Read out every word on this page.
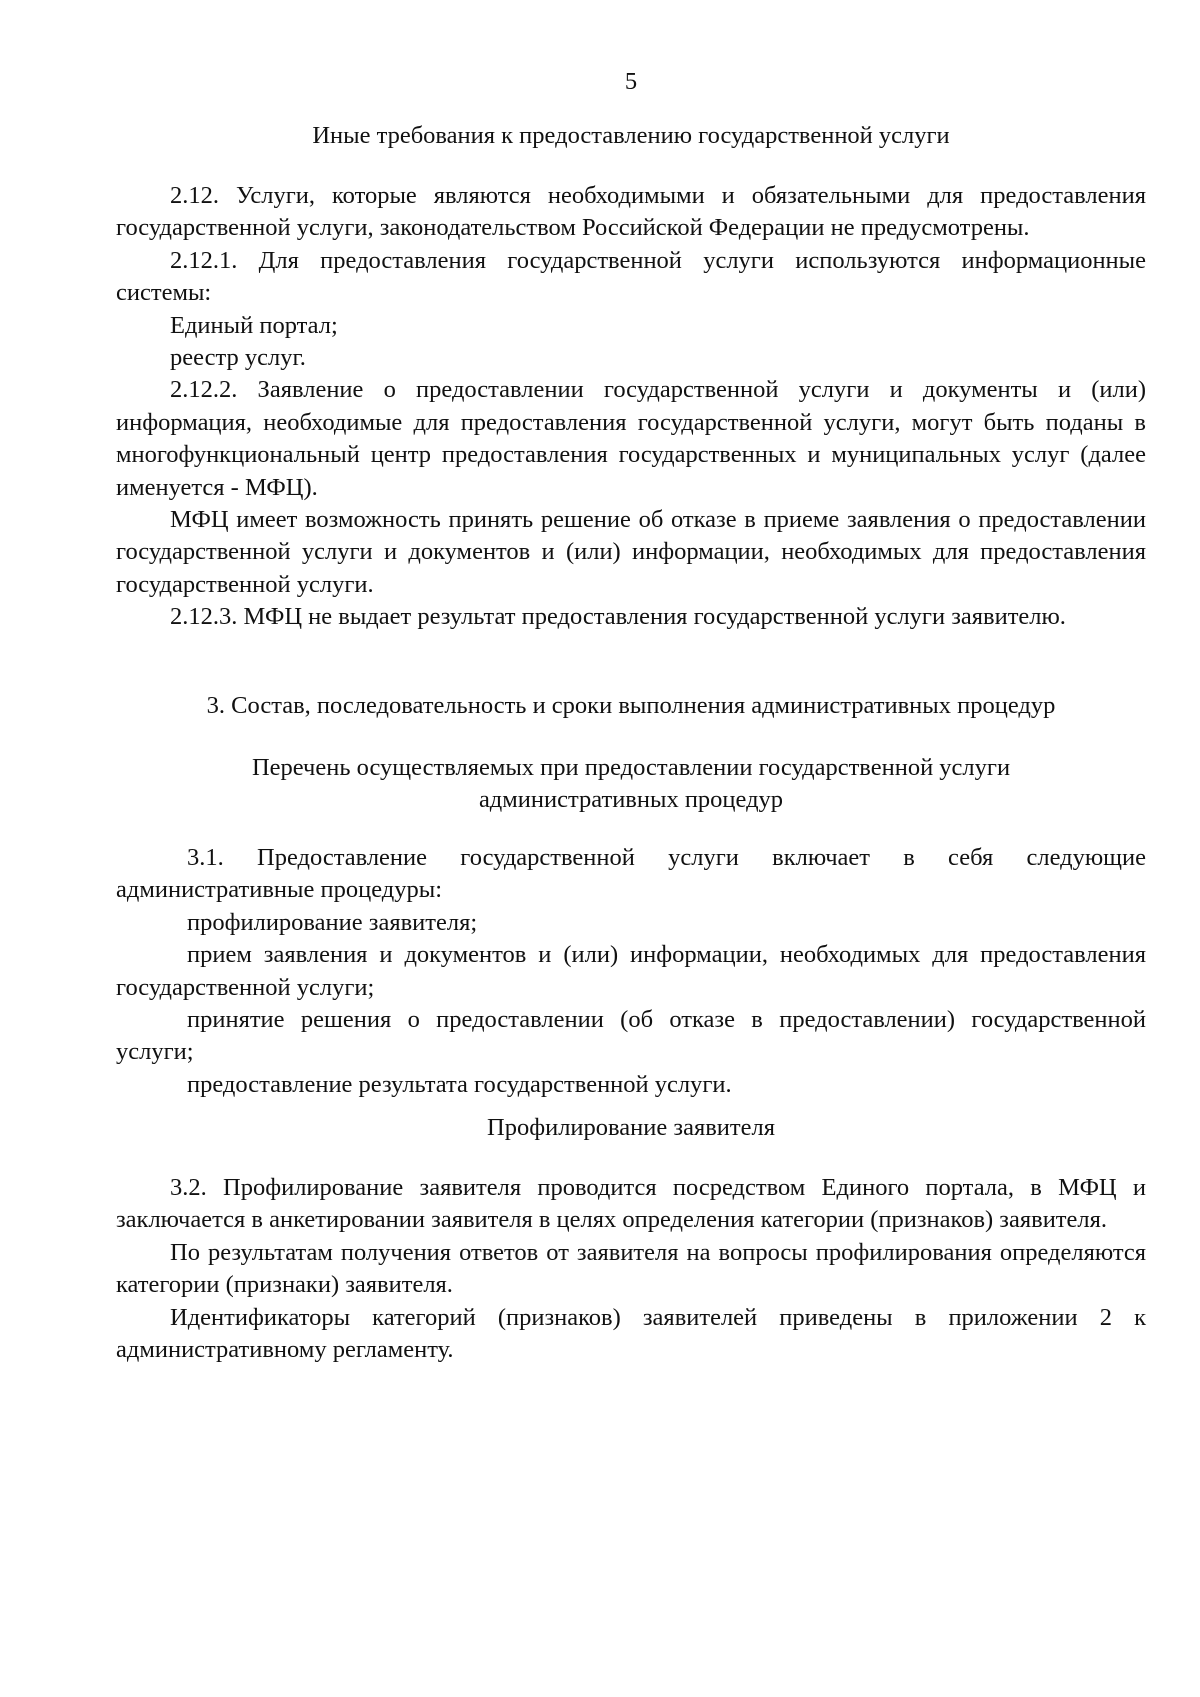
5
Иные требования к предоставлению государственной услуги

2.12. Услуги, которые являются необходимыми и обязательными для предоставления государственной услуги, законодательством Российской Федерации не предусмотрены.

2.12.1. Для предоставления государственной услуги используются информационные системы:

Единый портал;

реестр услуг.

2.12.2. Заявление о предоставлении государственной услуги и документы и (или) информация, необходимые для предоставления государственной услуги, могут быть поданы в многофункциональный центр предоставления государственных и муниципальных услуг (далее именуется - МФЦ).

МФЦ имеет возможность принять решение об отказе в приеме заявления о предоставлении государственной услуги и документов и (или) информации, необходимых для предоставления государственной услуги.

2.12.3. МФЦ не выдает результат предоставления государственной услуги заявителю.

3. Состав, последовательность и сроки выполнения административных процедур
Перечень осуществляемых при предоставлении государственной услуги
административных процедур

3.1. Предоставление государственной услуги включает в себя следующие административные процедуры:

профилирование заявителя;

прием заявления и документов и (или) информации, необходимых для предоставления государственной услуги;

принятие решения о предоставлении (об отказе в предоставлении) государственной услуги;

предоставление результата государственной услуги.

Профилирование заявителя

3.2. Профилирование заявителя проводится посредством Единого портала, в МФЦ и заключается в анкетировании заявителя в целях определения категории (признаков) заявителя.

По результатам получения ответов от заявителя на вопросы профилирования определяются категории (признаки) заявителя.

Идентификаторы категорий (признаков) заявителей приведены в приложении 2 к административному регламенту.
